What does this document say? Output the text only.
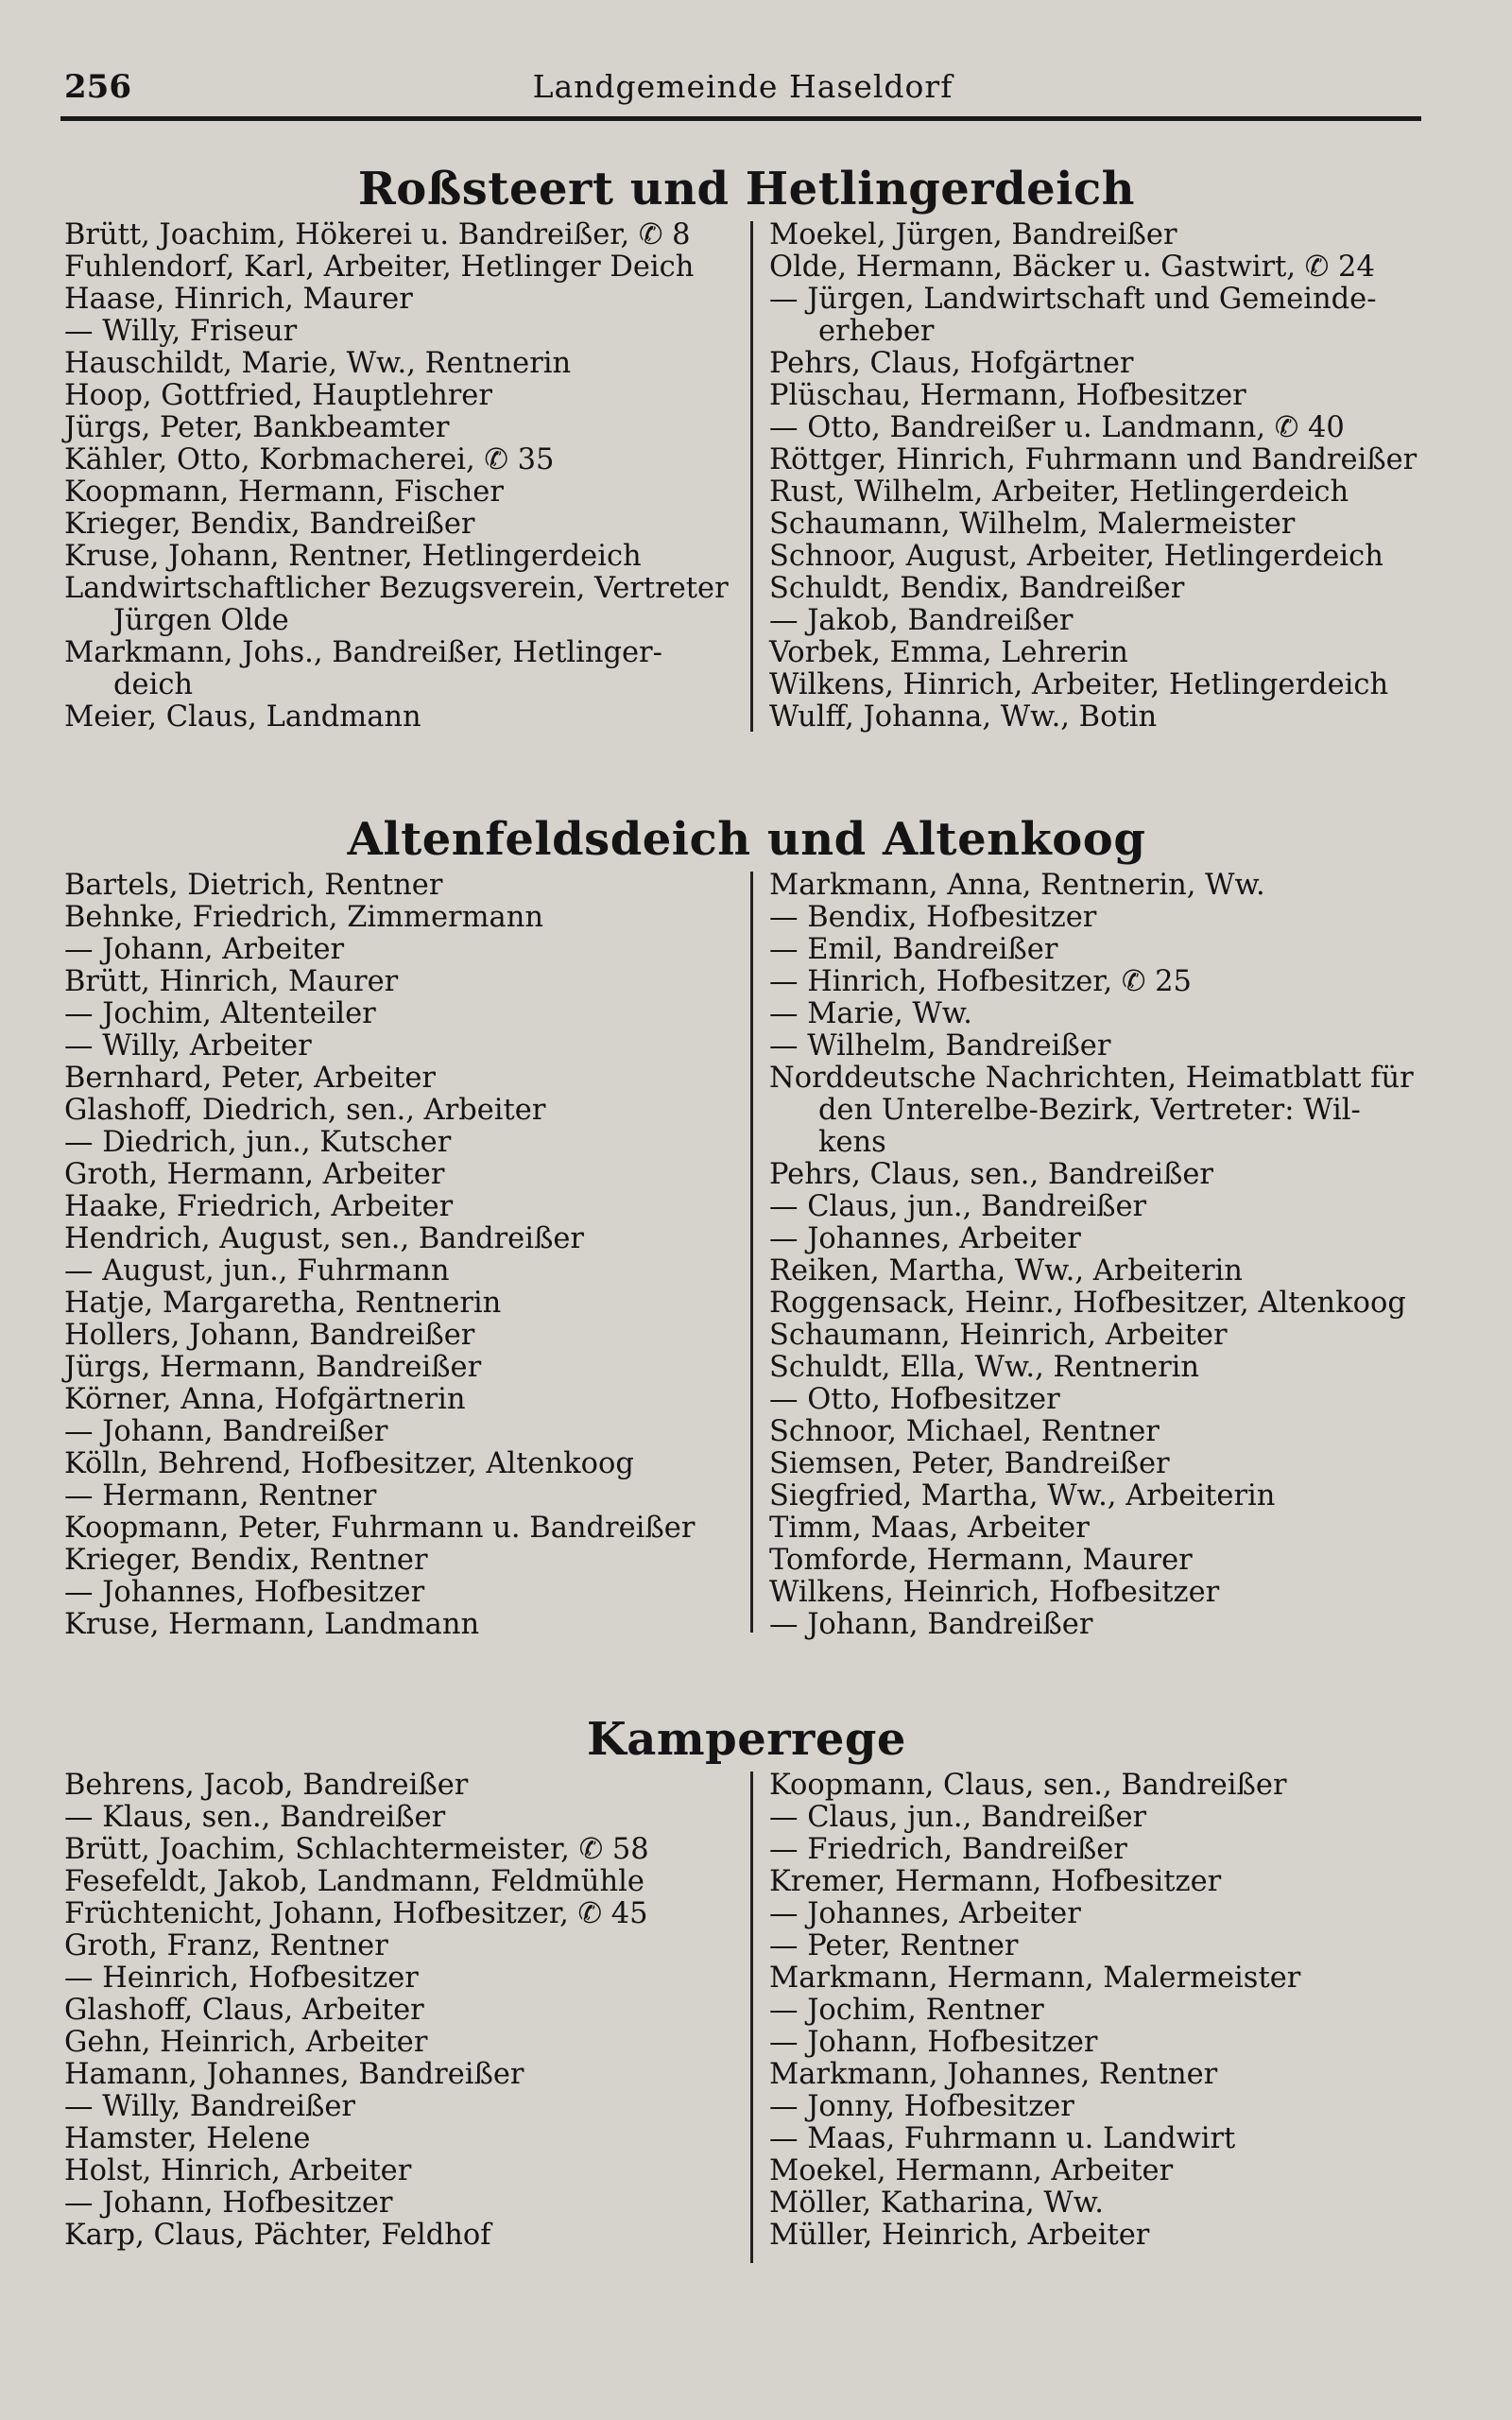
256	Landgemeinde Haseldorf
Roßsteert und Hetlingerdeich
Brütt, Joachim, Hökerei u. Bandreißer, ✆ 8
Fuhlendorf, Karl, Arbeiter, Hetlinger Deich
Haase, Hinrich, Maurer
— Willy, Friseur
Hauschildt, Marie, Ww., Rentnerin
Hoop, Gottfried, Hauptlehrer
Jürgs, Peter, Bankbeamter
Kähler, Otto, Korbmacherei, ✆ 35
Koopmann, Hermann, Fischer
Krieger, Bendix, Bandreißer
Kruse, Johann, Rentner, Hetlingerdeich
Landwirtschaftlicher Bezugsverein, Vertreter
Jürgen Olde
Markmann, Johs., Bandreißer, Hetlinger-
deich
Meier, Claus, Landmann
Moekel, Jürgen, Bandreißer
Olde, Hermann, Bäcker u. Gastwirt, ✆ 24
— Jürgen, Landwirtschaft und Gemeinde-
erheber
Pehrs, Claus, Hofgärtner
Plüschau, Hermann, Hofbesitzer
— Otto, Bandreißer u. Landmann, ✆ 40
Röttger, Hinrich, Fuhrmann und Bandreißer
Rust, Wilhelm, Arbeiter, Hetlingerdeich
Schaumann, Wilhelm, Malermeister
Schnoor, August, Arbeiter, Hetlingerdeich
Schuldt, Bendix, Bandreißer
— Jakob, Bandreißer
Vorbek, Emma, Lehrerin
Wilkens, Hinrich, Arbeiter, Hetlingerdeich
Wulff, Johanna, Ww., Botin
Altenfeldsdeich und Altenkoog
Bartels, Dietrich, Rentner
Behnke, Friedrich, Zimmermann
— Johann, Arbeiter
Brütt, Hinrich, Maurer
— Jochim, Altenteiler
— Willy, Arbeiter
Bernhard, Peter, Arbeiter
Glashoff, Diedrich, sen., Arbeiter
— Diedrich, jun., Kutscher
Groth, Hermann, Arbeiter
Haake, Friedrich, Arbeiter
Hendrich, August, sen., Bandreißer
— August, jun., Fuhrmann
Hatje, Margaretha, Rentnerin
Hollers, Johann, Bandreißer
Jürgs, Hermann, Bandreißer
Körner, Anna, Hofgärtnerin
— Johann, Bandreißer
Kölln, Behrend, Hofbesitzer, Altenkoog
— Hermann, Rentner
Koopmann, Peter, Fuhrmann u. Bandreißer
Krieger, Bendix, Rentner
— Johannes, Hofbesitzer
Kruse, Hermann, Landmann
Markmann, Anna, Rentnerin, Ww.
— Bendix, Hofbesitzer
— Emil, Bandreißer
— Hinrich, Hofbesitzer, ✆ 25
— Marie, Ww.
— Wilhelm, Bandreißer
Norddeutsche Nachrichten, Heimatblatt für
den Unterelbe-Bezirk, Vertreter: Wil-
kens
Pehrs, Claus, sen., Bandreißer
— Claus, jun., Bandreißer
— Johannes, Arbeiter
Reiken, Martha, Ww., Arbeiterin
Roggensack, Heinr., Hofbesitzer, Altenkoog
Schaumann, Heinrich, Arbeiter
Schuldt, Ella, Ww., Rentnerin
— Otto, Hofbesitzer
Schnoor, Michael, Rentner
Siemsen, Peter, Bandreißer
Siegfried, Martha, Ww., Arbeiterin
Timm, Maas, Arbeiter
Tomforde, Hermann, Maurer
Wilkens, Heinrich, Hofbesitzer
— Johann, Bandreißer
Kamperrege
Behrens, Jacob, Bandreißer
— Klaus, sen., Bandreißer
Brütt, Joachim, Schlachtermeister, ✆ 58
Fesefeldt, Jakob, Landmann, Feldmühle
Früchtenicht, Johann, Hofbesitzer, ✆ 45
Groth, Franz, Rentner
— Heinrich, Hofbesitzer
Glashoff, Claus, Arbeiter
Gehn, Heinrich, Arbeiter
Hamann, Johannes, Bandreißer
— Willy, Bandreißer
Hamster, Helene
Holst, Hinrich, Arbeiter
— Johann, Hofbesitzer
Karp, Claus, Pächter, Feldhof
Koopmann, Claus, sen., Bandreißer
— Claus, jun., Bandreißer
— Friedrich, Bandreißer
Kremer, Hermann, Hofbesitzer
— Johannes, Arbeiter
— Peter, Rentner
Markmann, Hermann, Malermeister
— Jochim, Rentner
— Johann, Hofbesitzer
Markmann, Johannes, Rentner
— Jonny, Hofbesitzer
— Maas, Fuhrmann u. Landwirt
Moekel, Hermann, Arbeiter
Möller, Katharina, Ww.
Müller, Heinrich, Arbeiter
